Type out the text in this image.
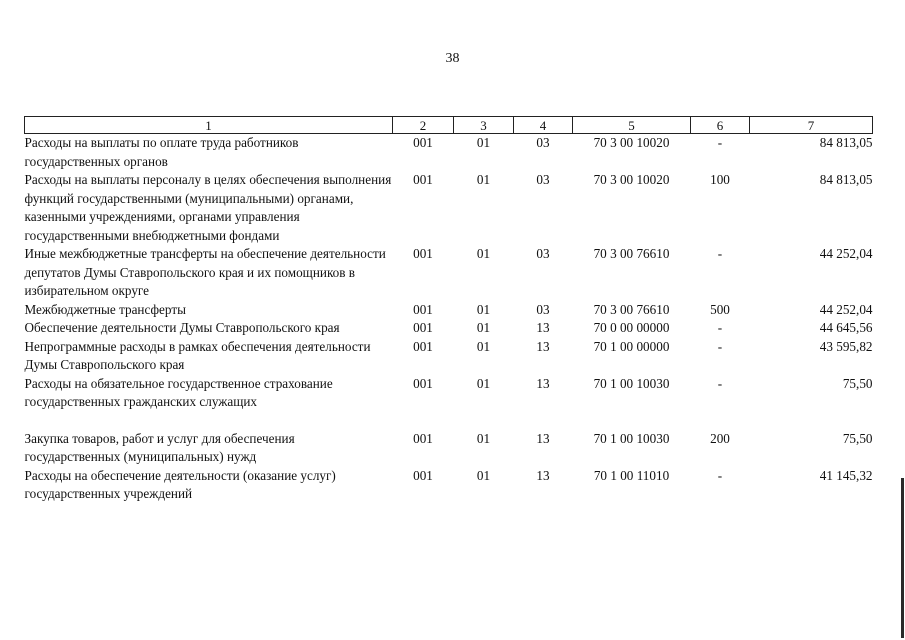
38
1	2	3	4	5	6	7
Расходы на выплаты по оплате труда работников государственных органов	001	01	03	70 3 00 10020	-	84 813,05
Расходы на выплаты персоналу в целях обеспечения выполнения функций государственными (муниципальными) органами, казенными учреждениями, органами управления государственными внебюджетными фондами	001	01	03	70 3 00 10020	100	84 813,05
Иные межбюджетные трансферты на обеспечение деятельности депутатов Думы Ставропольского края и их помощников в избирательном округе	001	01	03	70 3 00 76610	-	44 252,04
Межбюджетные трансферты	001	01	03	70 3 00 76610	500	44 252,04
Обеспечение деятельности Думы Ставропольского края	001	01	13	70 0 00 00000	-	44 645,56
Непрограммные расходы в рамках обеспечения деятельности Думы Ставропольского края	001	01	13	70 1 00 00000	-	43 595,82
Расходы на обязательное государственное страхование государственных гражданских служащих	001	01	13	70 1 00 10030	-	75,50

Закупка товаров, работ и услуг для обеспечения государственных (муниципальных) нужд	001	01	13	70 1 00 10030	200	75,50
Расходы на обеспечение деятельности (оказание услуг) государственных учреждений	001	01	13	70 1 00 11010	-	41 145,32
